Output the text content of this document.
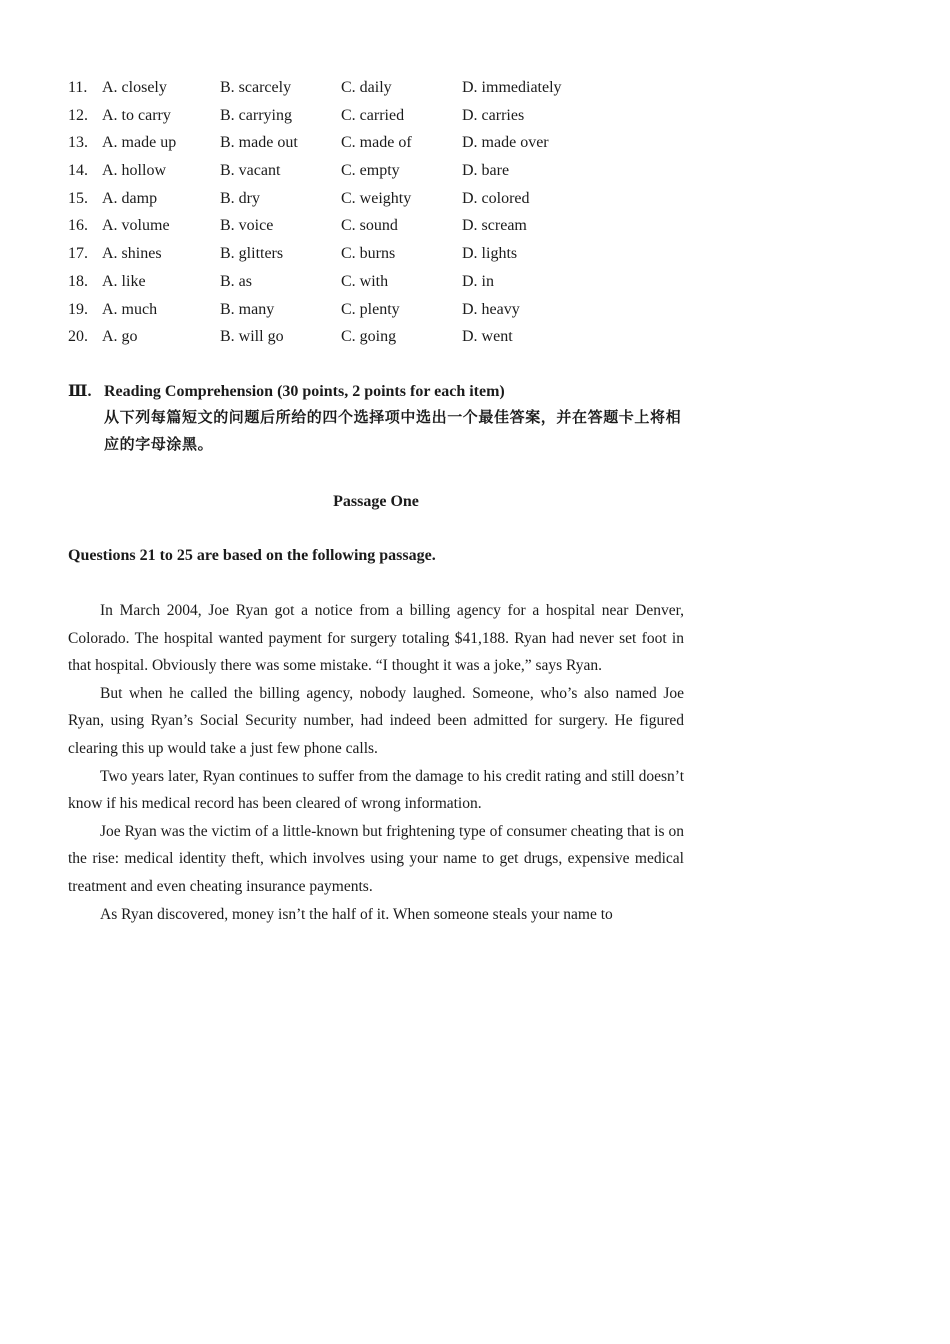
11. A. closely	B. scarcely	C. daily	D. immediately
12. A. to carry	B. carrying	C. carried	D. carries
13. A. made up	B. made out	C. made of	D. made over
14. A. hollow	B. vacant	C. empty	D. bare
15. A. damp	B. dry	C. weighty	D. colored
16. A. volume	B. voice	C. sound	D. scream
17. A. shines	B. glitters	C. burns	D. lights
18. A. like	B. as	C. with	D. in
19. A. much	B. many	C. plenty	D. heavy
20. A. go	B. will go	C. going	D. went
Ⅲ. Reading Comprehension (30 points, 2 points for each item)
从下列每篇短文的问题后所给的四个选择项中选出一个最佳答案，并在答题卡上将相应的字母涂黑。
Passage One
Questions 21 to 25 are based on the following passage.

In March 2004, Joe Ryan got a notice from a billing agency for a hospital near Denver, Colorado. The hospital wanted payment for surgery totaling $41,188. Ryan had never set foot in that hospital. Obviously there was some mistake. “I thought it was a joke,” says Ryan.

But when he called the billing agency, nobody laughed. Someone, who’s also named Joe Ryan, using Ryan’s Social Security number, had indeed been admitted for surgery. He figured clearing this up would take a just few phone calls.

Two years later, Ryan continues to suffer from the damage to his credit rating and still doesn’t know if his medical record has been cleared of wrong information.

Joe Ryan was the victim of a little-known but frightening type of consumer cheating that is on the rise: medical identity theft, which involves using your name to get drugs, expensive medical treatment and even cheating insurance payments.

As Ryan discovered, money isn’t the half of it. When someone steals your name to
